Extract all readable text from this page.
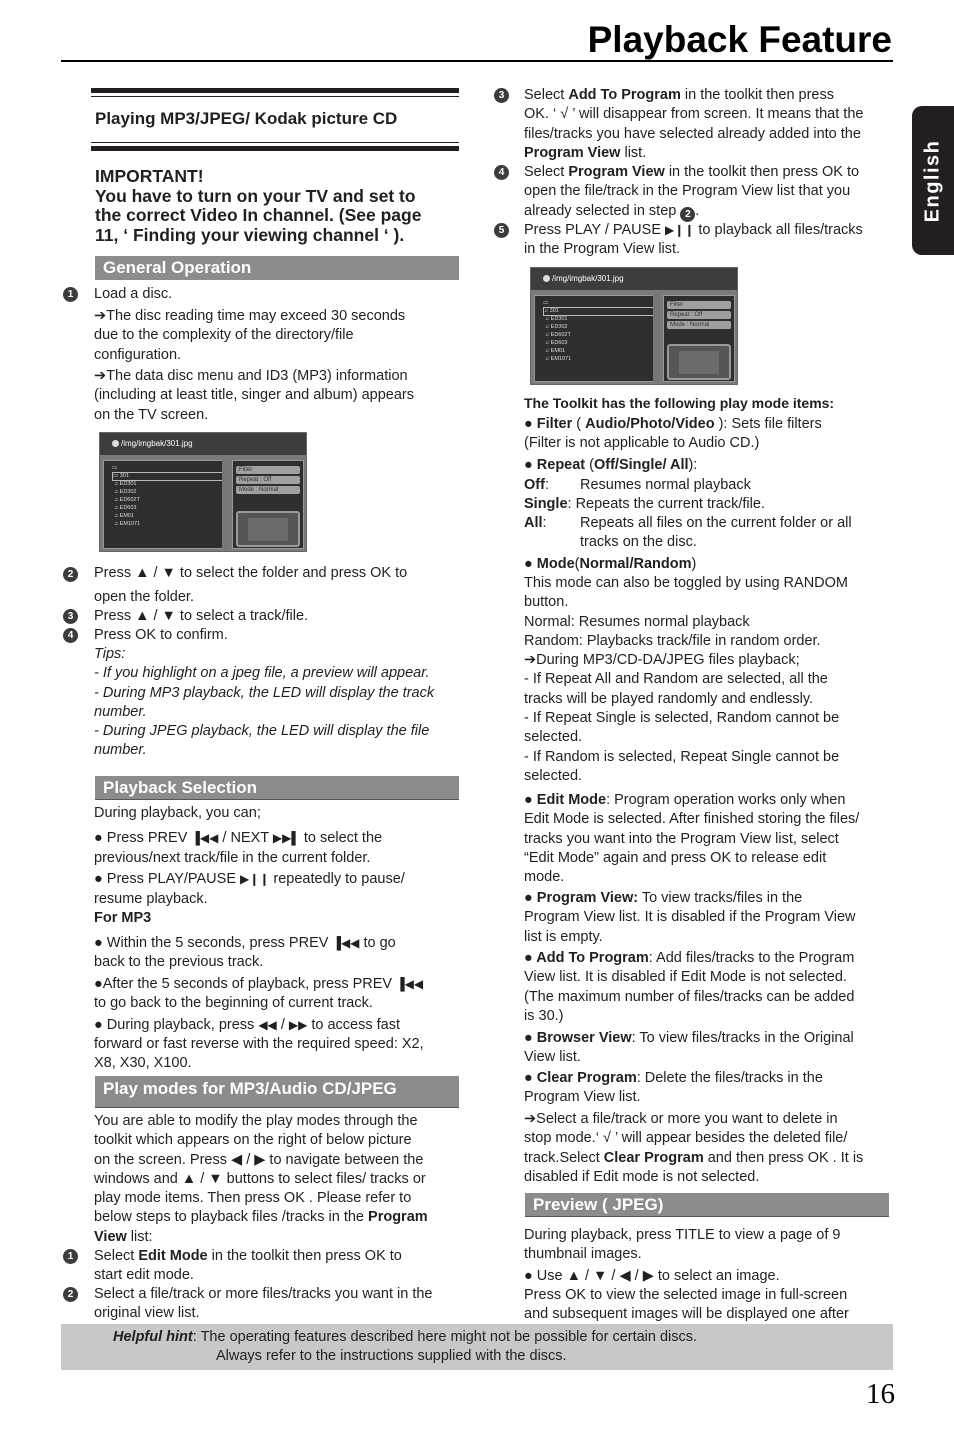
Playback Feature
English
Playing MP3/JPEG/ Kodak picture CD
IMPORTANT!
You have to turn on your TV and set to
the correct Video In channel. (See page
11, ‘ Finding your viewing channel ‘ ).
General Operation
1	Load a disc.
➔The disc reading time may exceed 30 seconds
due to the complexity of the directory/file
configuration.
➔The data disc menu and ID3 (MP3) information
(including at least title, singer and album) appears
on the TV screen.
/img/imgbak/301.jpg
▭
▭ 301
♫ ED301
♫ ED302
♫ ED602T
♫ ED603
♫ EM01
♫ EM1071
Filter
Repeat : Off
Mode : Normal
2	Press ▲ / ▼ to select the folder and press OK to
open the folder.
3	Press ▲ / ▼ to select a track/file.
4	Press OK to confirm.
Tips:
- If you highlight on a jpeg file, a preview will appear.
- During MP3 playback, the LED will display the track
number.
- During JPEG playback, the LED will display the file
number.
Playback Selection
During playback, you can;
● Press PREV ▐◀◀ / NEXT ▶▶▌ to select the
previous/next track/file in the current folder.
● Press PLAY/PAUSE ▶❙❙ repeatedly to pause/
resume playback.
For MP3
● Within the 5 seconds, press PREV ▐◀◀ to go
back to the previous track.
●After the 5 seconds of playback, press PREV ▐◀◀
to go back to the beginning of current track.
● During playback, press ◀◀ / ▶▶ to access fast
forward or fast reverse with the required speed: X2,
X8, X30, X100.
Play modes for MP3/Audio CD/JPEG
You are able to modify the play modes through the
toolkit which appears on the right of below picture
on the screen. Press ◀ / ▶ to navigate between the
windows and ▲ / ▼ buttons to select files/ tracks or
play mode items. Then press OK . Please refer to
below steps to playback files /tracks in the Program
View list:
1	Select Edit Mode in the toolkit then press OK to
start edit mode.
2	Select a file/track or more files/tracks you want in the
original view list.
3	Select Add To Program in the toolkit then press
OK. ‘ √ ’ will disappear from screen. It means that the
files/tracks you have selected already added into the
Program View list.
4	Select Program View in the toolkit then press OK to
open the file/track in the Program View list that you
already selected in step 2 .
5	Press PLAY / PAUSE ▶❙❙ to playback all files/tracks
in the Program View list.
/img/imgbak/301.jpg
▭
♫ 301
♫ ED301
♫ ED302
♫ ED602T
♫ ED603
♫ EM01
♫ EM1071
Filter
Repeat : Off
Mode : Normal
The Toolkit has the following play mode items:
● Filter ( Audio/Photo/Video ): Sets file filters
(Filter is not applicable to Audio CD.)
● Repeat (Off/Single/ All):
Off: Resumes normal playback
Single: Repeats the current track/file.
All: Repeats all files on the current folder or all
tracks on the disc.
● Mode(Normal/Random)
This mode can also be toggled by using RANDOM
button.
Normal: Resumes normal playback
Random: Playbacks track/file in random order.
➔During MP3/CD-DA/JPEG files playback;
- If Repeat All and Random are selected, all the
tracks will be played randomly and endlessly.
- If Repeat Single is selected, Random cannot be
selected.
- If Random is selected, Repeat Single cannot be
selected.
● Edit Mode: Program operation works only when
Edit Mode is selected. After finished storing the files/
tracks you want into the Program View list, select
“Edit Mode” again and press OK to release edit
mode.
● Program View: To view tracks/files in the
Program View list. It is disabled if the Program View
list is empty.
● Add To Program: Add files/tracks to the Program
View list. It is disabled if Edit Mode is not selected.
(The maximum number of files/tracks can be added
is 30.)
● Browser View: To view files/tracks in the Original
View list.
● Clear Program: Delete the files/tracks in the
Program View list.
➔Select a file/track or more you want to delete in
stop mode.‘ √ ’ will appear besides the deleted file/
track.Select Clear Program and then press OK . It is
disabled if Edit mode is not selected.
Preview ( JPEG)
During playback, press TITLE to view a page of 9
thumbnail images.
● Use ▲ / ▼ / ◀ / ▶ to select an image.
Press OK to view the selected image in full-screen
and subsequent images will be displayed one after
Helpful hint: The operating features described here might not be possible for certain discs.
Always refer to the instructions supplied with the discs.
16
